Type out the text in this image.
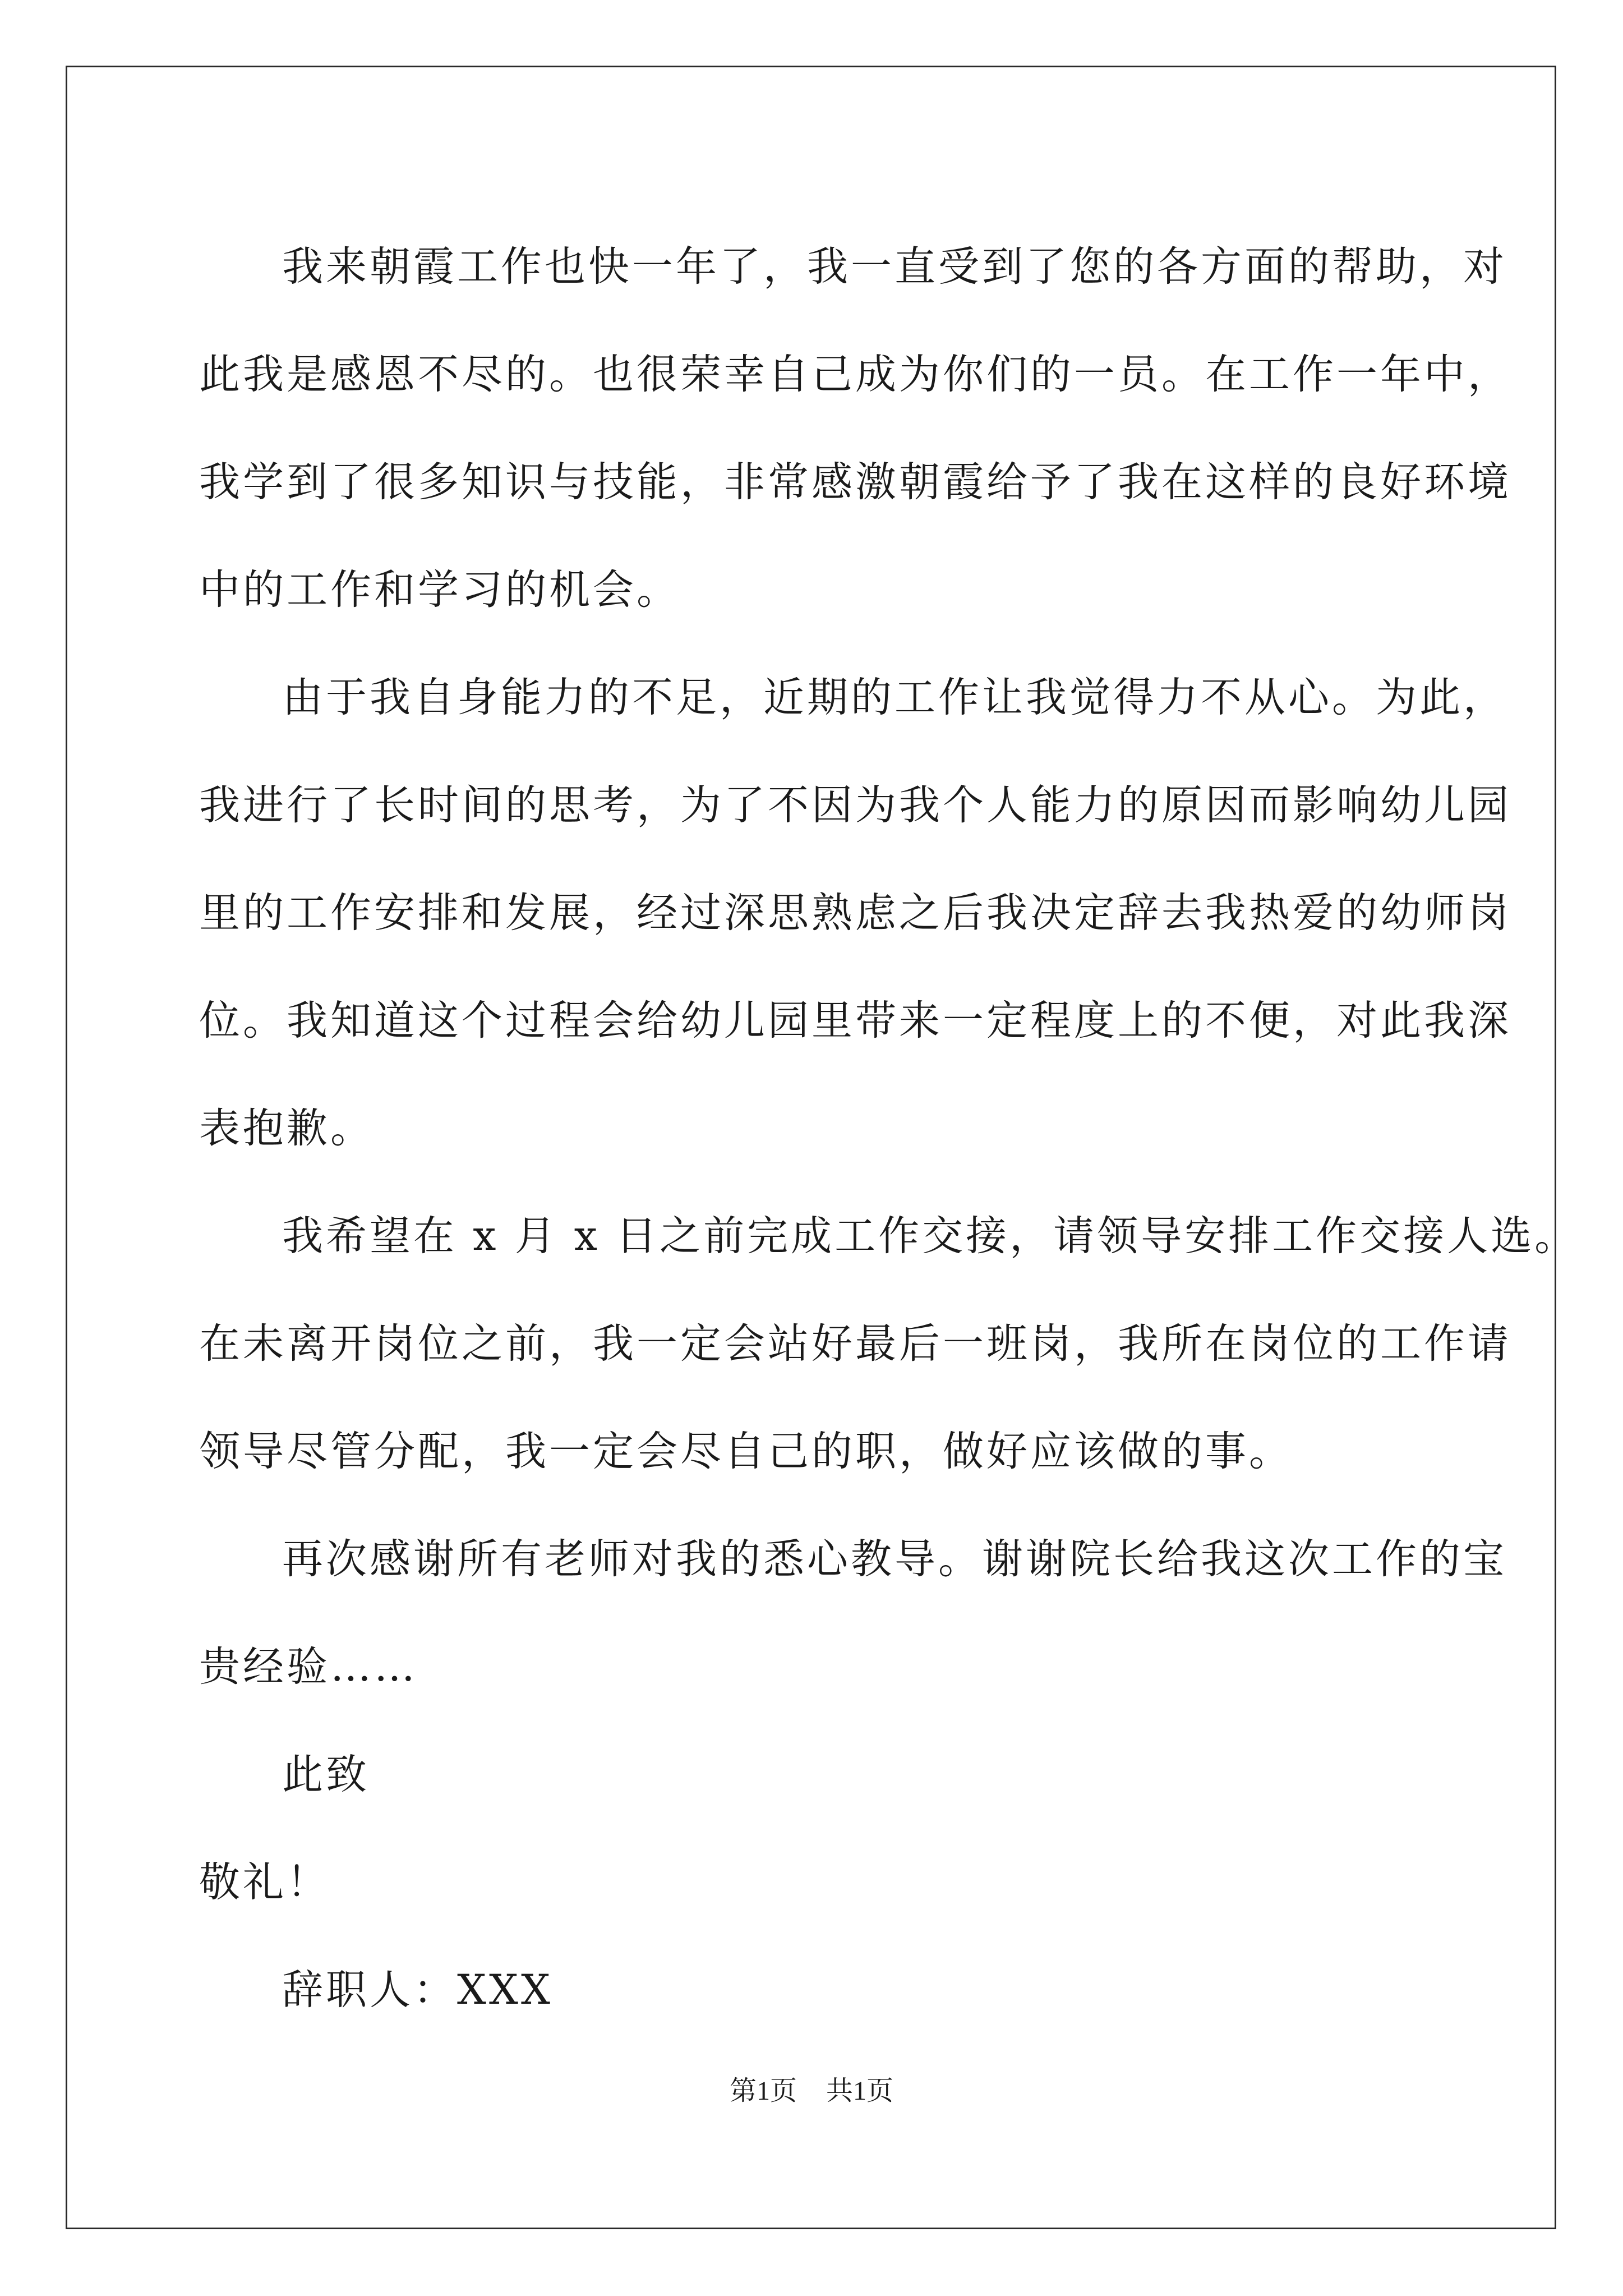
我来朝霞工作也快一年了，我一直受到了您的各方面的帮助，对
此我是感恩不尽的。也很荣幸自己成为你们的一员。在工作一年中，
我学到了很多知识与技能，非常感激朝霞给予了我在这样的良好环境
中的工作和学习的机会。
由于我自身能力的不足，近期的工作让我觉得力不从心。为此，
我进行了长时间的思考，为了不因为我个人能力的原因而影响幼儿园
里的工作安排和发展，经过深思熟虑之后我决定辞去我热爱的幼师岗
位。我知道这个过程会给幼儿园里带来一定程度上的不便，对此我深
表抱歉。
我希望在 x 月 x 日之前完成工作交接，请领导安排工作交接人选。
在未离开岗位之前，我一定会站好最后一班岗，我所在岗位的工作请
领导尽管分配，我一定会尽自己的职，做好应该做的事。
再次感谢所有老师对我的悉心教导。谢谢院长给我这次工作的宝
贵经验……
此致
敬礼！
辞职人：XXX
第1页 共1页
